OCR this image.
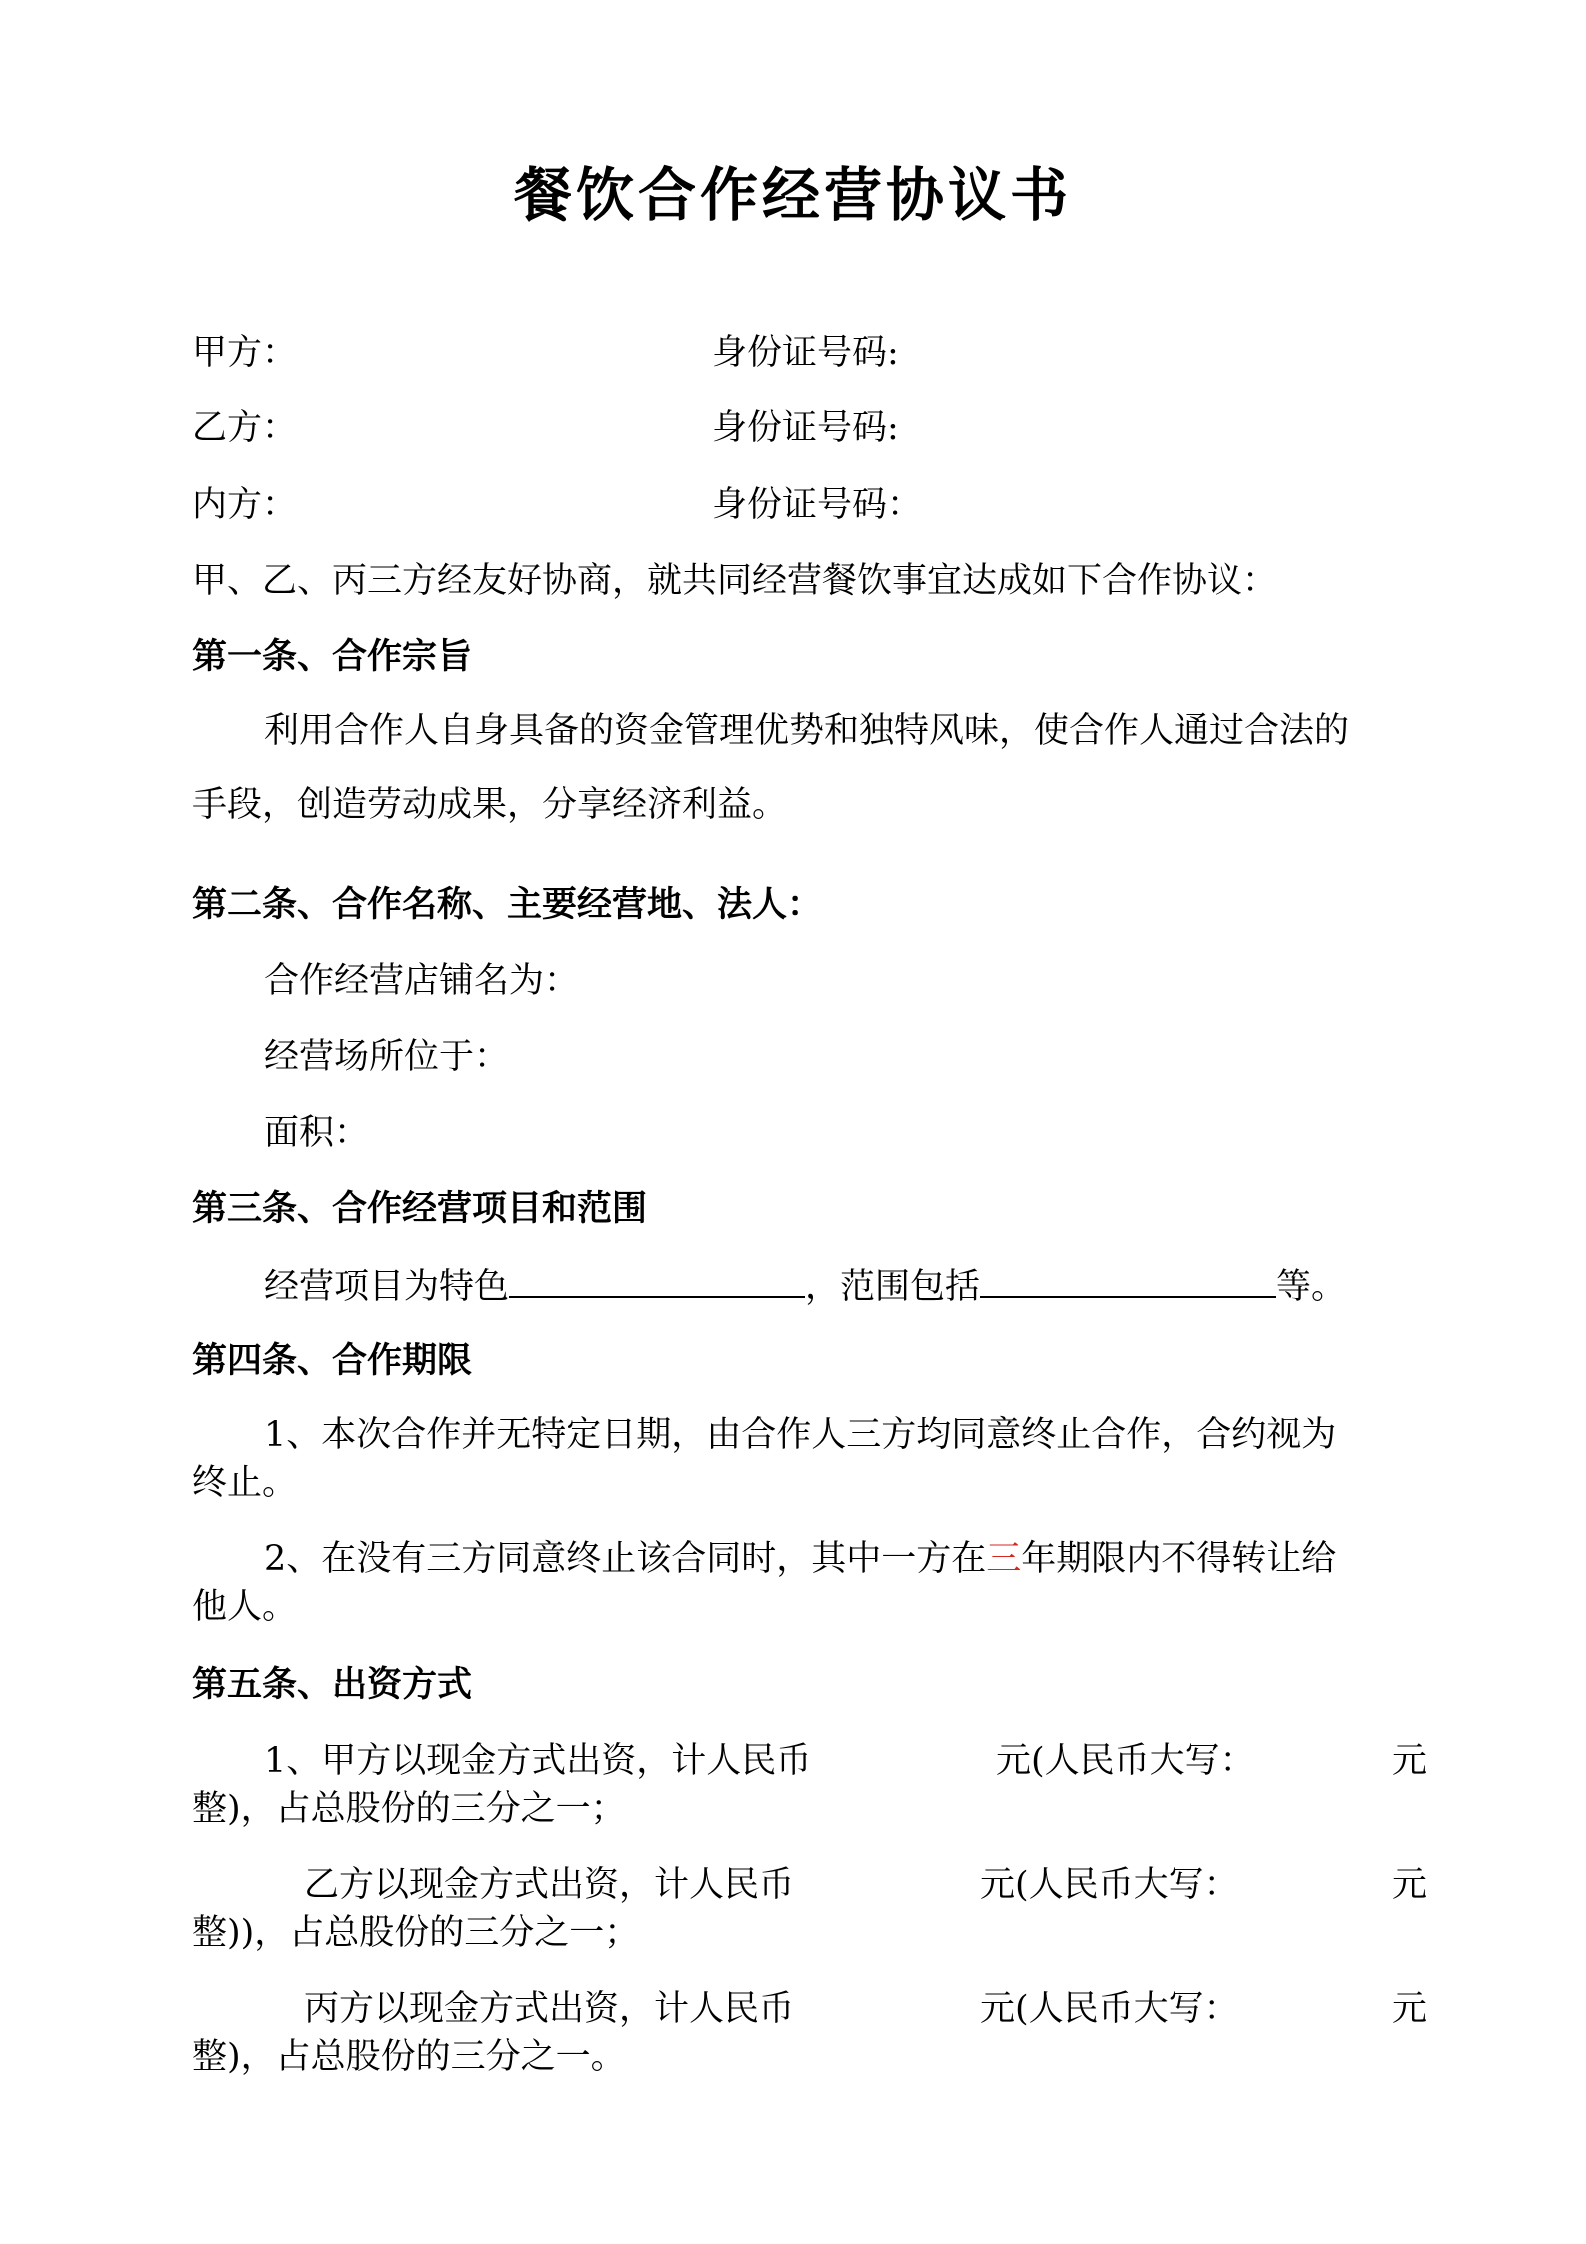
餐饮合作经营协议书
甲方：	身份证号码:
乙方：	身份证号码:
内方：	身份证号码：
甲、乙、丙三方经友好协商，就共同经营餐饮事宜达成如下合作协议：
第一条、合作宗旨
利用合作人自身具备的资金管理优势和独特风味，使合作人通过合法的
手段，创造劳动成果，分享经济利益。
第二条、合作名称、主要经营地、法人：
合作经营店铺名为：
经营场所位于：
面积：
第三条、合作经营项目和范围
经营项目为特色	，范围包括	等。
第四条、合作期限
1、本次合作并无特定日期，由合作人三方均同意终止合作，合约视为
终止。
2、在没有三方同意终止该合同时，其中一方在三年期限内不得转让给
他人。
第五条、出资方式
1、甲方以现金方式出资，计人民币	元(人民币大写：	元
整)，占总股份的三分之一；
乙方以现金方式出资，计人民币	元(人民币大写：	元
整))，占总股份的三分之一；
丙方以现金方式出资，计人民币	元(人民币大写：	元
整)，占总股份的三分之一。
